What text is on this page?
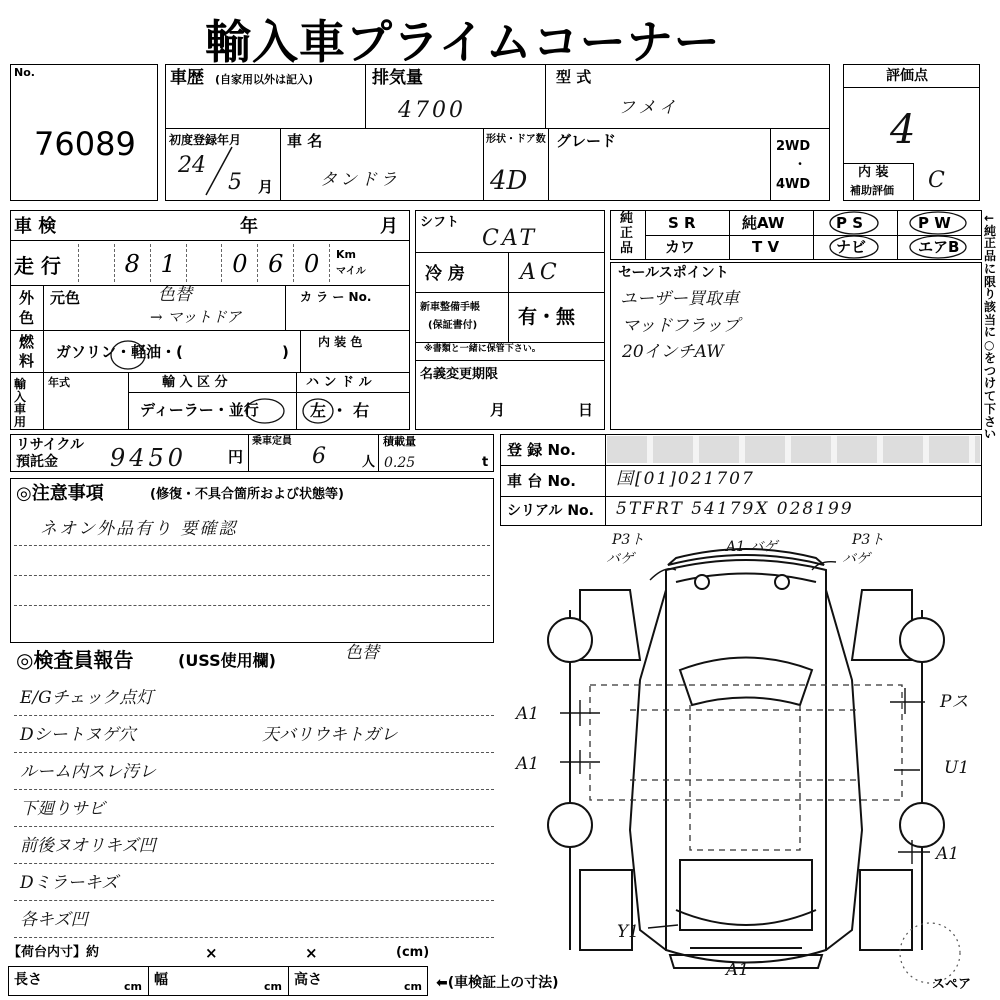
輸入車プライムコーナー
No.
76089
車歴 (自家用以外は記入)	排気量
4700
型 式
フメイ
初度登録年月
24
5 月
車 名
タンドラ
形状・ドア数
4D
グレード	2WD
・
4WD
評価点
4
内 装
補助評価 C
車 検	年	月
走 行	8 1	0 6 0	Km
マイル
外
色
元色	色替
→ マットドア
カ ラ ー No.
燃
料 ガソリン・軽油・(	)
内 装 色
輸入車用
年式	輸 入 区 分
ディーラー・並行
ハ ン ド ル
左 ・ 右
シフト
CAT
冷 房	AC
新車整備手帳
(保証書付) 有・無
※書類と一緒に保管下さい。
名義変更期限
月	日
純
正
品
S R	純AW	P S	P W
カワ	T V	ナビ	エアB
←純正品に限り該当に○をつけて下さい
セールスポイント
ユーザー買取車
マッドフラップ
20インチAW
リサイクル
預託金 9450	円
乗車定員
6	人
積載量
0.25	t
登 録 No.
車 台 No. 国[01]021707
シリアル No. 5TFRT 54179X 028199
◎注意事項	(修復・不具合箇所および状態等)
ネオン外品有り 要確認
◎検査員報告	(USS使用欄)	色替
E/Gチェック点灯
Dシートヌゲ穴	天バリウキトガレ
ルーム内スレ汚レ
下廻りサビ
前後ヌオリキズ凹
Dミラーキズ
各キズ凹
【荷台内寸】約	×	×	(cm)
長さ	cm 幅	cm 高さ	cm ⬅(車検証上の寸法)
P3ト
バゲ
A1 バゲ	P3ト
バゲ
A1
A1
Pス
U1
A1
Y1
A1
スペア
